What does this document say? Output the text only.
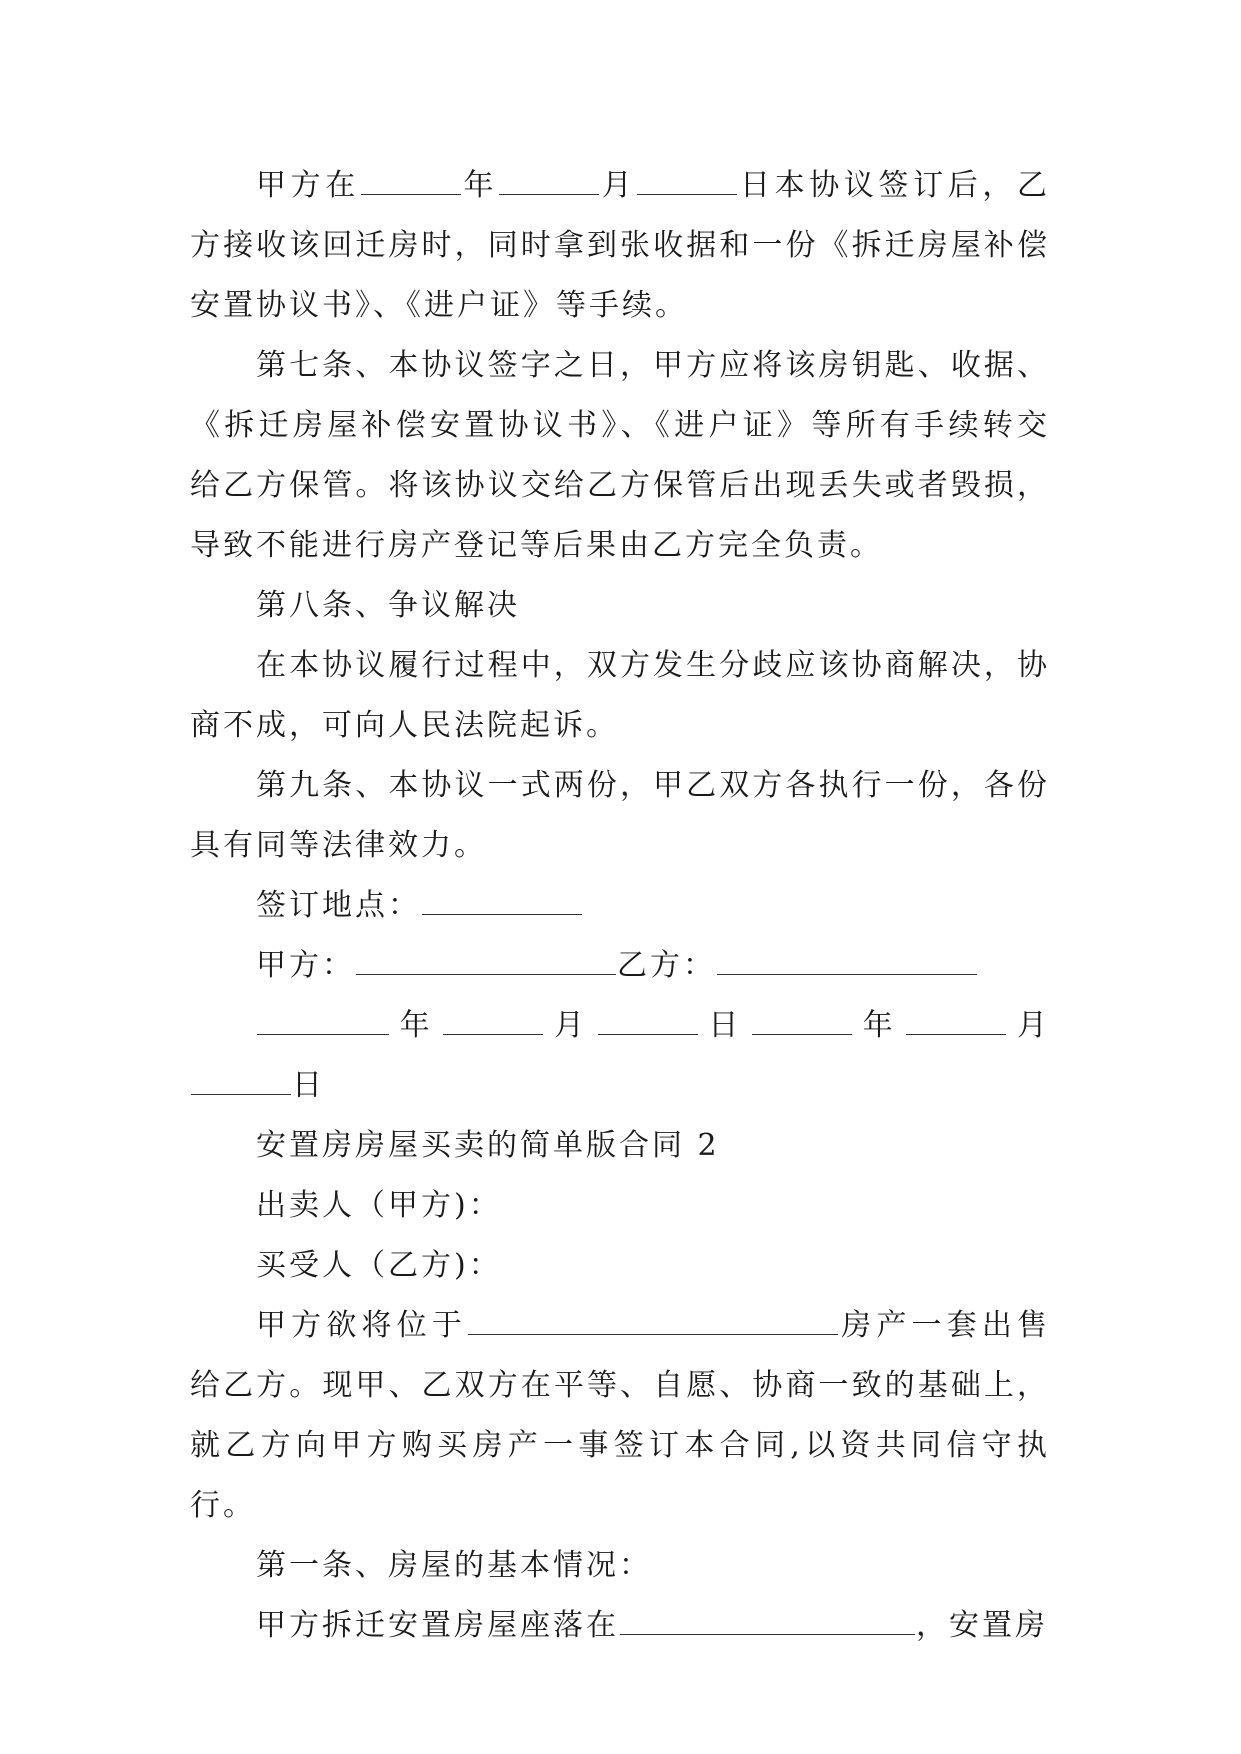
甲方在	年	月	日本协议签订后，乙方接收该回迁房时，同时拿到张收据和一份《拆迁房屋补偿安置协议书》、《进户证》等手续。

第七条、本协议签字之日，甲方应将该房钥匙、收据、《拆迁房屋补偿安置协议书》、《进户证》等所有手续转交给乙方保管。将该协议交给乙方保管后出现丢失或者毁损，导致不能进行房产登记等后果由乙方完全负责。

第八条、争议解决

在本协议履行过程中，双方发生分歧应该协商解决，协商不成，可向人民法院起诉。

第九条、本协议一式两份，甲乙双方各执行一份，各份具有同等法律效力。

签订地点：

甲方：	乙方：

年	月	日	年	月日

安置房房屋买卖的简单版合同 2

出卖人（甲方)：

买受人（乙方)：

甲方欲将位于	房产一套出售给乙方。现甲、乙双方在平等、自愿、协商一致的基础上，就乙方向甲方购买房产一事签订本合同,以资共同信守执行。

第一条、房屋的基本情况：

甲方拆迁安置房屋座落在	，安置房
